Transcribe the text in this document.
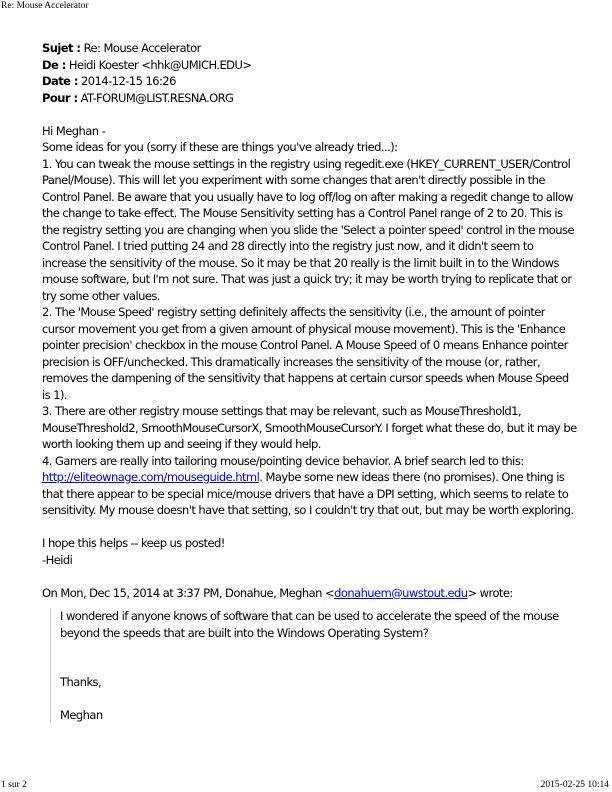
Re: Mouse Accelerator
Sujet : Re: Mouse Accelerator
De : Heidi Koester <hhk@UMICH.EDU>
Date : 2014-12-15 16:26
Pour : AT-FORUM@LIST.RESNA.ORG
Hi Meghan -

Some ideas for you (sorry if these are things you've already tried...):

1. You can tweak the mouse settings in the registry using regedit.exe (HKEY_CURRENT_USER/Control Panel/Mouse). This will let you experiment with some changes that aren't directly possible in the Control Panel. Be aware that you usually have to log off/log on after making a regedit change to allow the change to take effect. The Mouse Sensitivity setting has a Control Panel range of 2 to 20. This is the registry setting you are changing when you slide the 'Select a pointer speed' control in the mouse Control Panel. I tried putting 24 and 28 directly into the registry just now, and it didn't seem to increase the sensitivity of the mouse. So it may be that 20 really is the limit built in to the Windows mouse software, but I'm not sure. That was just a quick try; it may be worth trying to replicate that or try some other values.

2. The 'Mouse Speed' registry setting definitely affects the sensitivity (i.e., the amount of pointer cursor movement you get from a given amount of physical mouse movement). This is the 'Enhance pointer precision' checkbox in the mouse Control Panel. A Mouse Speed of 0 means Enhance pointer precision is OFF/unchecked. This dramatically increases the sensitivity of the mouse (or, rather, removes the dampening of the sensitivity that happens at certain cursor speeds when Mouse Speed is 1).

3. There are other registry mouse settings that may be relevant, such as MouseThreshold1, MouseThreshold2, SmoothMouseCursorX, SmoothMouseCursorY. I forget what these do, but it may be worth looking them up and seeing if they would help.

4. Gamers are really into tailoring mouse/pointing device behavior. A brief search led to this: http://eliteownage.com/mouseguide.html. Maybe some new ideas there (no promises). One thing is that there appear to be special mice/mouse drivers that have a DPI setting, which seems to relate to sensitivity. My mouse doesn't have that setting, so I couldn't try that out, but may be worth exploring.

I hope this helps -- keep us posted!

-Heidi

On Mon, Dec 15, 2014 at 3:37 PM, Donahue, Meghan <donahuem@uwstout.edu> wrote:

I wondered if anyone knows of software that can be used to accelerate the speed of the mouse beyond the speeds that are built into the Windows Operating System?

Thanks,

Meghan

1 sur 2	2015-02-25 10:14
